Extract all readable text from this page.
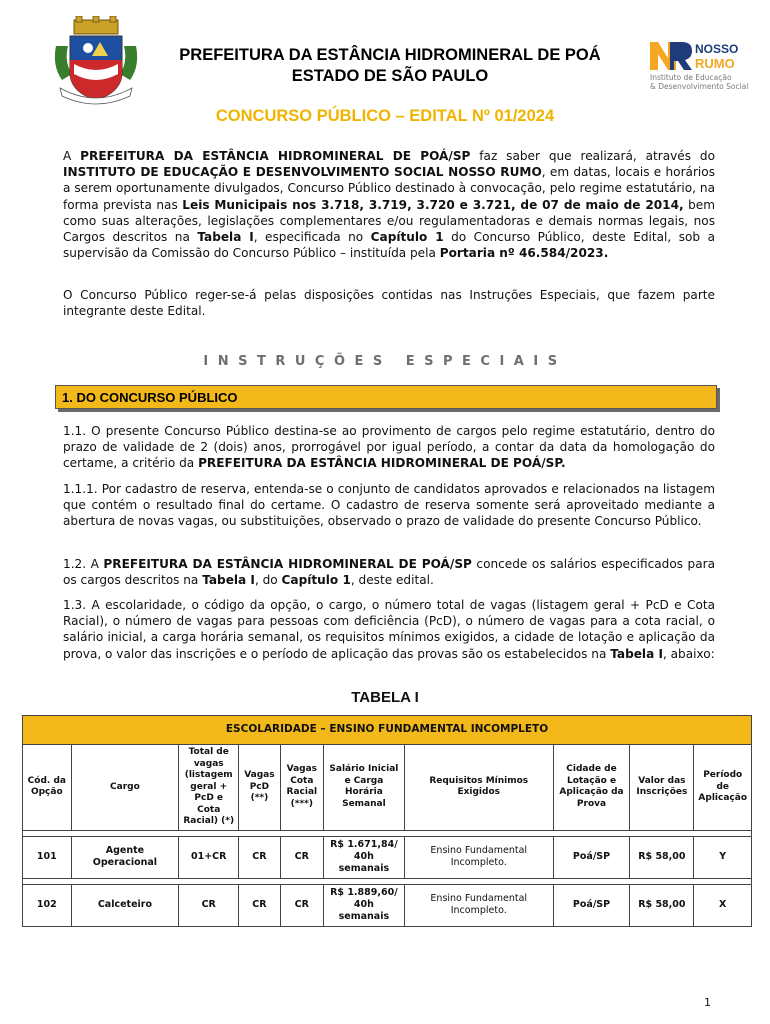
NOSSO
RUMO
Instituto de Educação
& Desenvolvimento Social
PREFEITURA DA ESTÂNCIA HIDROMINERAL DE POÁ
ESTADO DE SÃO PAULO
CONCURSO PÚBLICO – EDITAL Nº 01/2024
A PREFEITURA DA ESTÂNCIA HIDROMINERAL DE POÁ/SP faz saber que realizará, através do INSTITUTO DE EDUCAÇÃO E DESENVOLVIMENTO SOCIAL NOSSO RUMO, em datas, locais e horários a serem oportunamente divulgados, Concurso Público destinado à convocação, pelo regime estatutário, na forma prevista nas Leis Municipais nos 3.718, 3.719, 3.720 e 3.721, de 07 de maio de 2014, bem como suas alterações, legislações complementares e/ou regulamentadoras e demais normas legais, nos Cargos descritos na Tabela I, especificada no Capítulo 1 do Concurso Público, deste Edital, sob a supervisão da Comissão do Concurso Público – instituída pela Portaria nº 46.584/2023.
O Concurso Público reger-se-á pelas disposições contidas nas Instruções Especiais, que fazem parte integrante deste Edital.
INSTRUÇÕES ESPECIAIS
1. DO CONCURSO PÚBLICO
1.1. O presente Concurso Público destina-se ao provimento de cargos pelo regime estatutário, dentro do prazo de validade de 2 (dois) anos, prorrogável por igual período, a contar da data da homologação do certame, a critério da PREFEITURA DA ESTÂNCIA HIDROMINERAL DE POÁ/SP.
1.1.1. Por cadastro de reserva, entenda-se o conjunto de candidatos aprovados e relacionados na listagem que contém o resultado final do certame. O cadastro de reserva somente será aproveitado mediante a abertura de novas vagas, ou substituições, observado o prazo de validade do presente Concurso Público.
1.2. A PREFEITURA DA ESTÂNCIA HIDROMINERAL DE POÁ/SP concede os salários especificados para os cargos descritos na Tabela I, do Capítulo 1, deste edital.
1.3. A escolaridade, o código da opção, o cargo, o número total de vagas (listagem geral + PcD e Cota Racial), o número de vagas para pessoas com deficiência (PcD), o número de vagas para a cota racial, o salário inicial, a carga horária semanal, os requisitos mínimos exigidos, a cidade de lotação e aplicação da prova, o valor das inscrições e o período de aplicação das provas são os estabelecidos na Tabela I, abaixo:
TABELA I
ESCOLARIDADE – ENSINO FUNDAMENTAL INCOMPLETO									
Cód. da Opção	Cargo	Total de vagas (listagem geral + PcD e Cota Racial) (*)	Vagas PcD (**)	Vagas Cota Racial (***)	Salário Inicial e Carga Horária Semanal	Requisitos Mínimos Exigidos	Cidade de Lotação e Aplicação da Prova	Valor das Inscrições	Período de Aplicação

101	Agente Operacional	01+CR	CR	CR	R$ 1.671,84/ 40h semanais	Ensino Fundamental Incompleto.	Poá/SP	R$ 58,00	Y

102	Calceteiro	CR	CR	CR	R$ 1.889,60/ 40h semanais	Ensino Fundamental Incompleto.	Poá/SP	R$ 58,00	X
1
